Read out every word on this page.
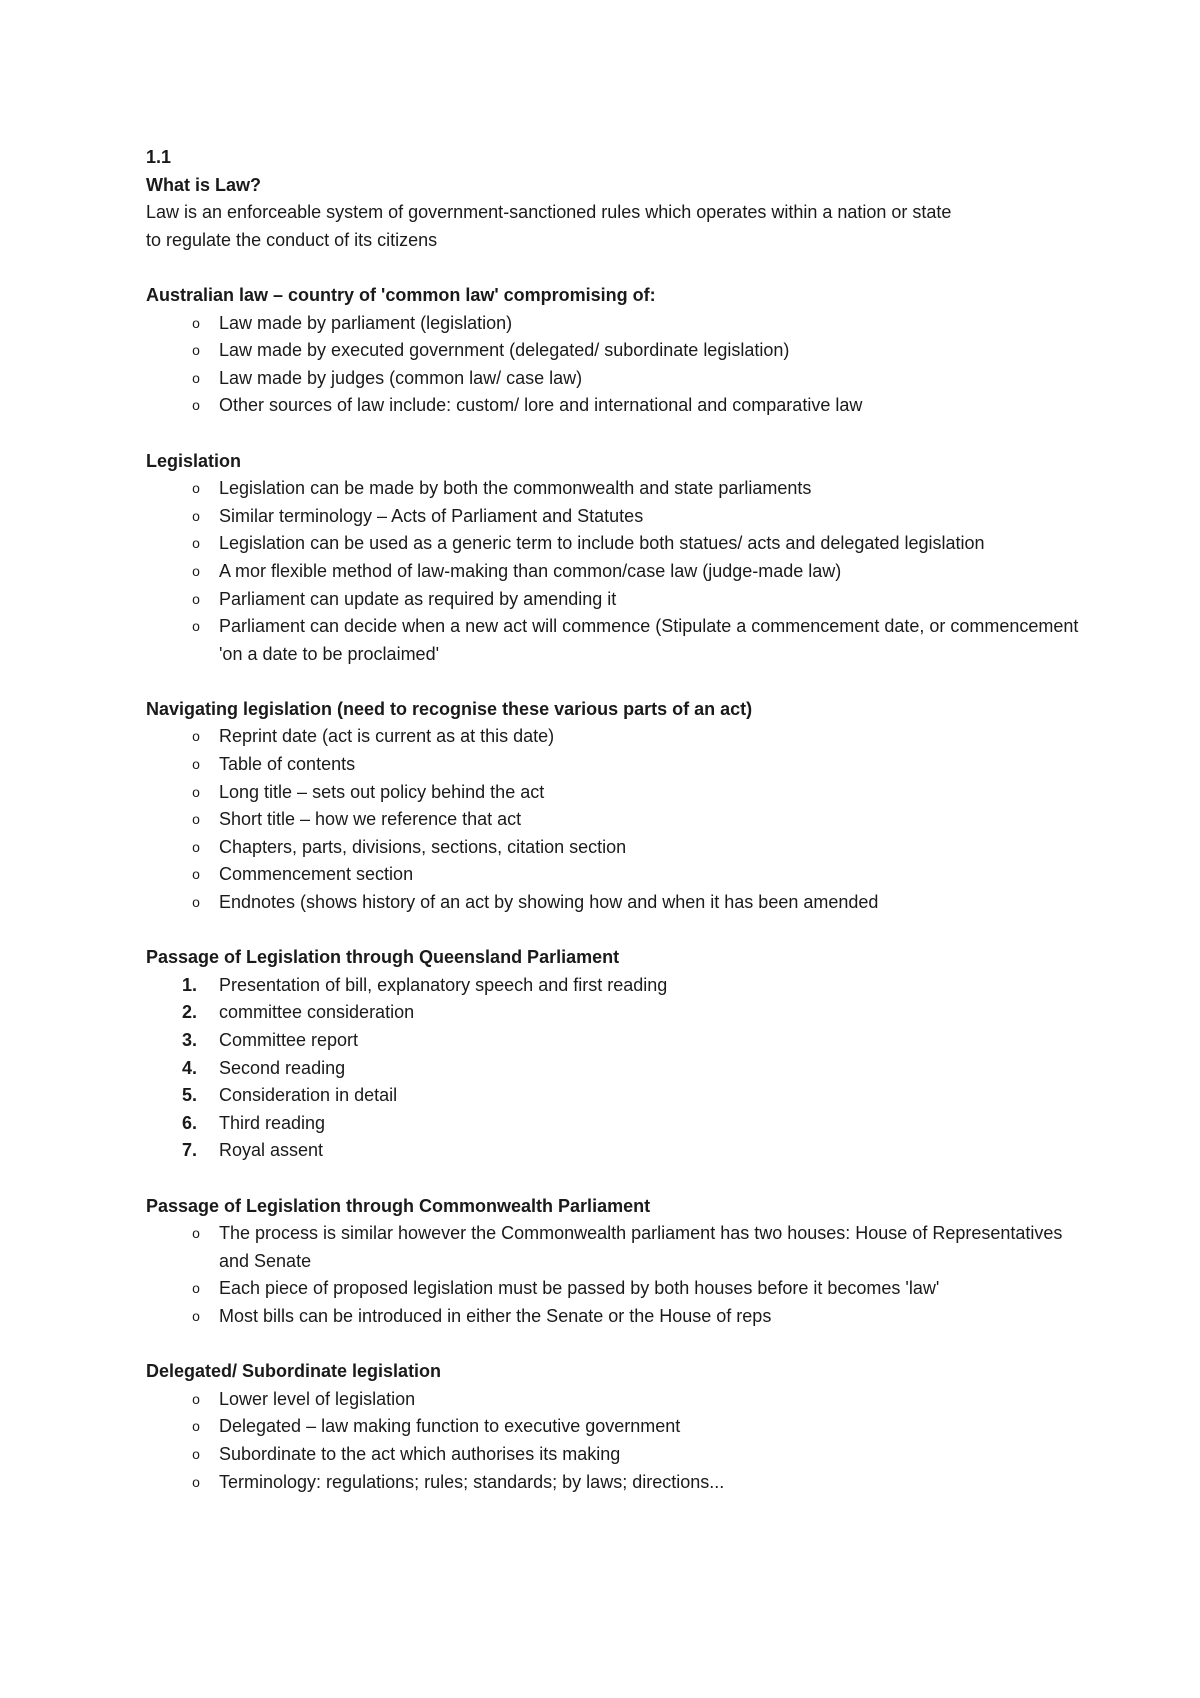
1.1

What is Law?

Law is an enforceable system of government-sanctioned rules which operates within a nation or state

to regulate the conduct of its citizens

Australian law – country of 'common law' compromising of:

o	Law made by parliament (legislation)
o	Law made by executed government (delegated/ subordinate legislation)
o	Law made by judges (common law/ case law)
o	Other sources of law include: custom/ lore and international and comparative law

Legislation

o	Legislation can be made by both the commonwealth and state parliaments
o	Similar terminology – Acts of Parliament and Statutes
o	Legislation can be used as a generic term to include both statues/ acts and delegated legislation
o	A mor flexible method of law-making than common/case law (judge-made law)
o	Parliament can update as required by amending it
o	Parliament can decide when a new act will commence (Stipulate a commencement date, or commencement 'on a date to be proclaimed'

Navigating legislation (need to recognise these various parts of an act)

o	Reprint date (act is current as at this date)
o	Table of contents
o	Long title – sets out policy behind the act
o	Short title – how we reference that act
o	Chapters, parts, divisions, sections, citation section
o	Commencement section
o	Endnotes (shows history of an act by showing how and when it has been amended

Passage of Legislation through Queensland Parliament

1.	Presentation of bill, explanatory speech and first reading
2.	committee consideration
3.	Committee report
4.	Second reading
5.	Consideration in detail
6.	Third reading
7.	Royal assent

Passage of Legislation through Commonwealth Parliament

o	The process is similar however the Commonwealth parliament has two houses: House of Representatives and Senate
o	Each piece of proposed legislation must be passed by both houses before it becomes 'law'
o	Most bills can be introduced in either the Senate or the House of reps

Delegated/ Subordinate legislation

o	Lower level of legislation
o	Delegated – law making function to executive government
o	Subordinate to the act which authorises its making
o	Terminology: regulations; rules; standards; by laws; directions...
